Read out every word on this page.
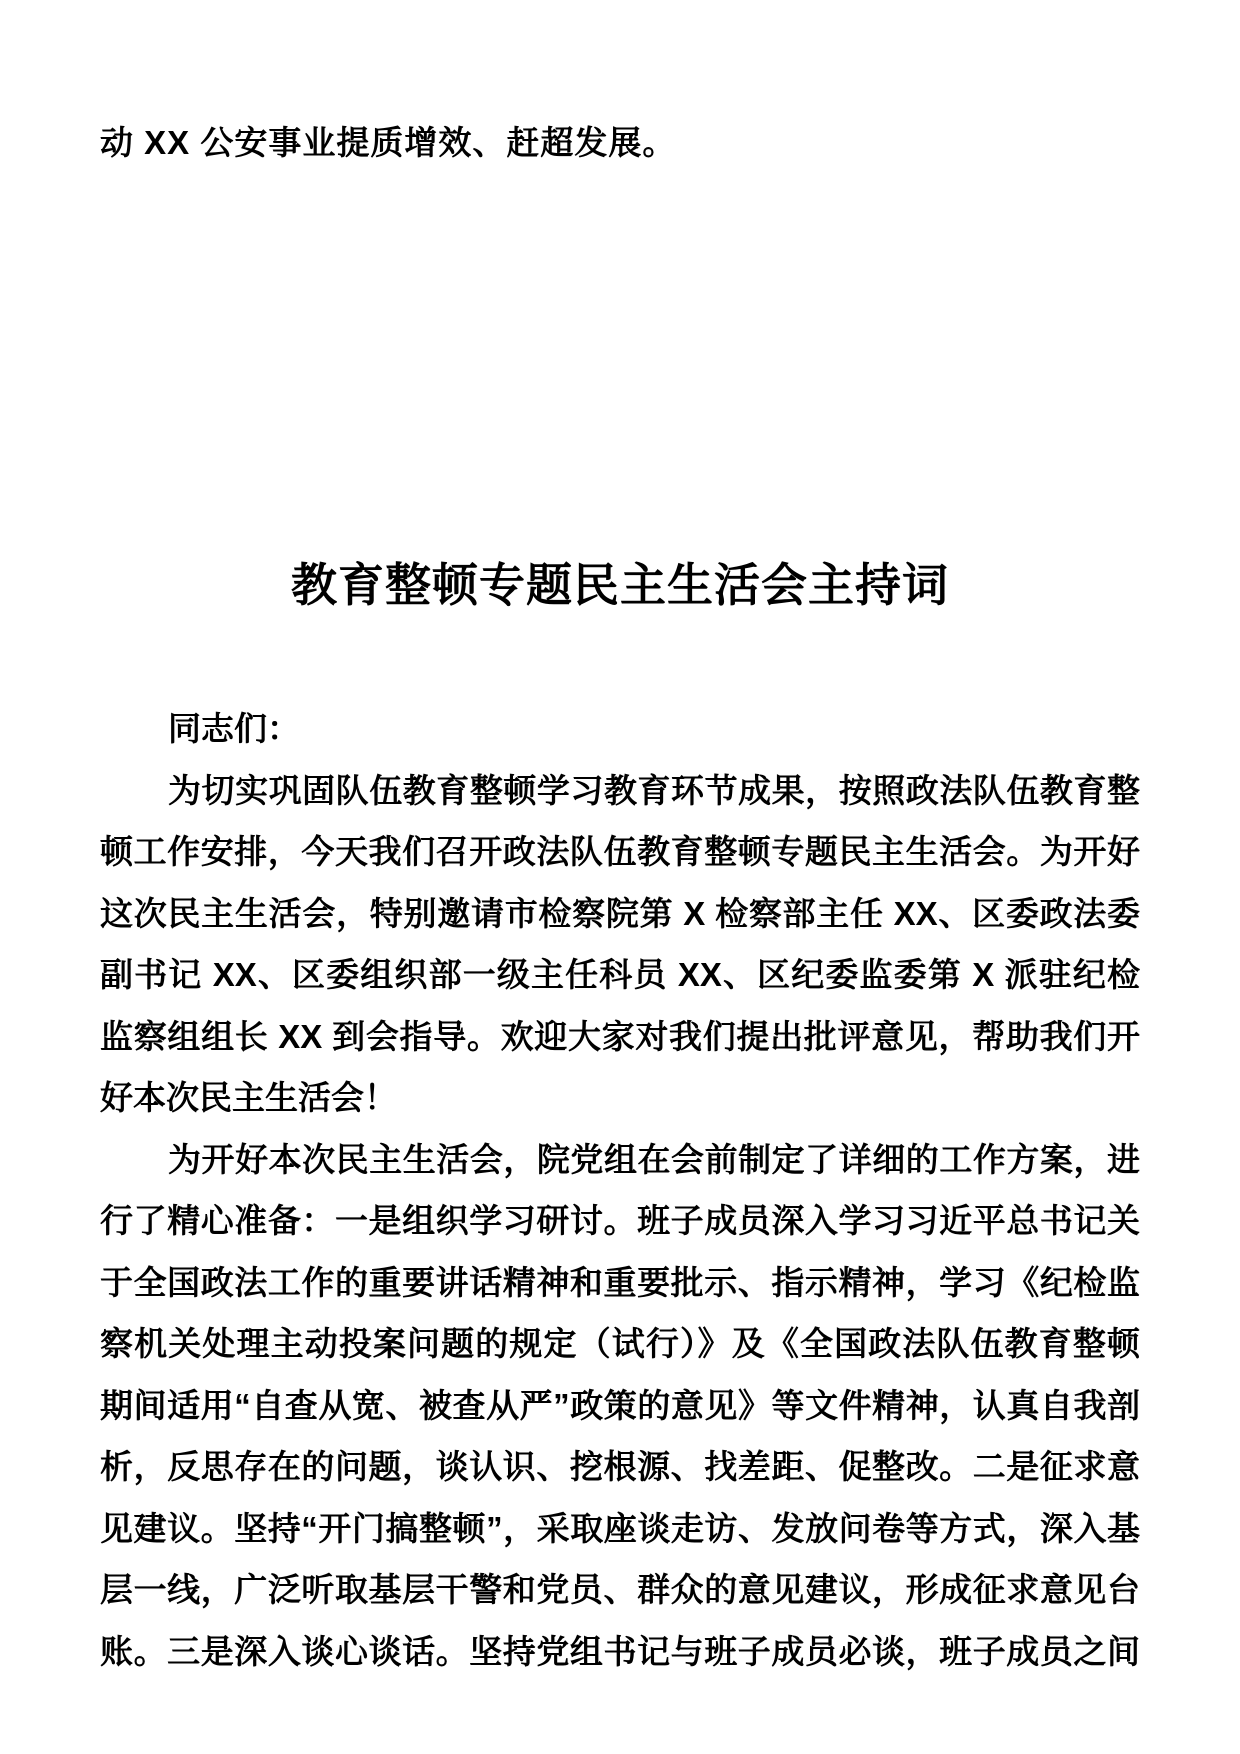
动 XX 公安事业提质增效、赶超发展。
教育整顿专题民主生活会主持词
同志们：
为切实巩固队伍教育整顿学习教育环节成果，按照政法队伍教育整
顿工作安排，今天我们召开政法队伍教育整顿专题民主生活会。为开好
这次民主生活会，特别邀请市检察院第 X 检察部主任 XX、区委政法委
副书记 XX、区委组织部一级主任科员 XX、区纪委监委第 X 派驻纪检
监察组组长 XX 到会指导。欢迎大家对我们提出批评意见，帮助我们开
好本次民主生活会！
为开好本次民主生活会，院党组在会前制定了详细的工作方案，进
行了精心准备：一是组织学习研讨。班子成员深入学习习近平总书记关
于全国政法工作的重要讲话精神和重要批示、指示精神，学习《纪检监
察机关处理主动投案问题的规定（试行）》及《全国政法队伍教育整顿
期间适用“自查从宽、被查从严”政策的意见》等文件精神，认真自我剖
析，反思存在的问题，谈认识、挖根源、找差距、促整改。二是征求意
见建议。坚持“开门搞整顿”，采取座谈走访、发放问卷等方式，深入基
层一线，广泛听取基层干警和党员、群众的意见建议，形成征求意见台
账。三是深入谈心谈话。坚持党组书记与班子成员必谈，班子成员之间
